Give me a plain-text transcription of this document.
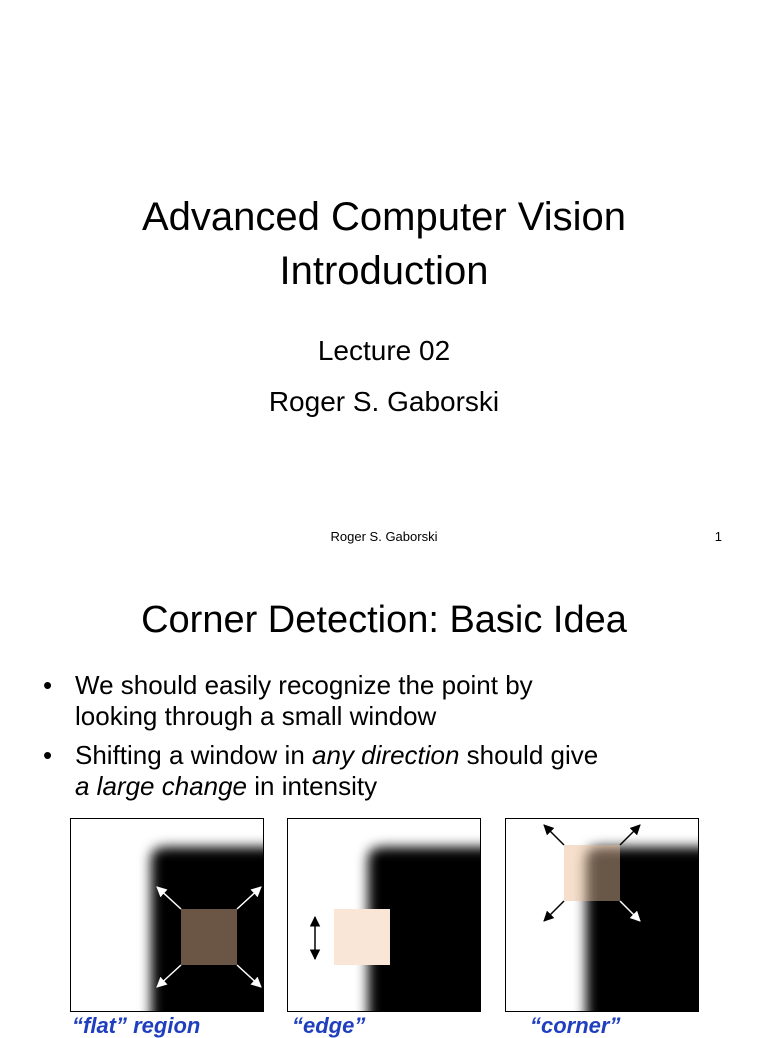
Advanced Computer Vision
Introduction
Lecture 02
Roger S. Gaborski
Roger S. Gaborski	1
Corner Detection: Basic Idea
• We should easily recognize the point by
looking through a small window
• Shifting a window in any direction should give
a large change in intensity
“flat” region	“edge”	“corner”
